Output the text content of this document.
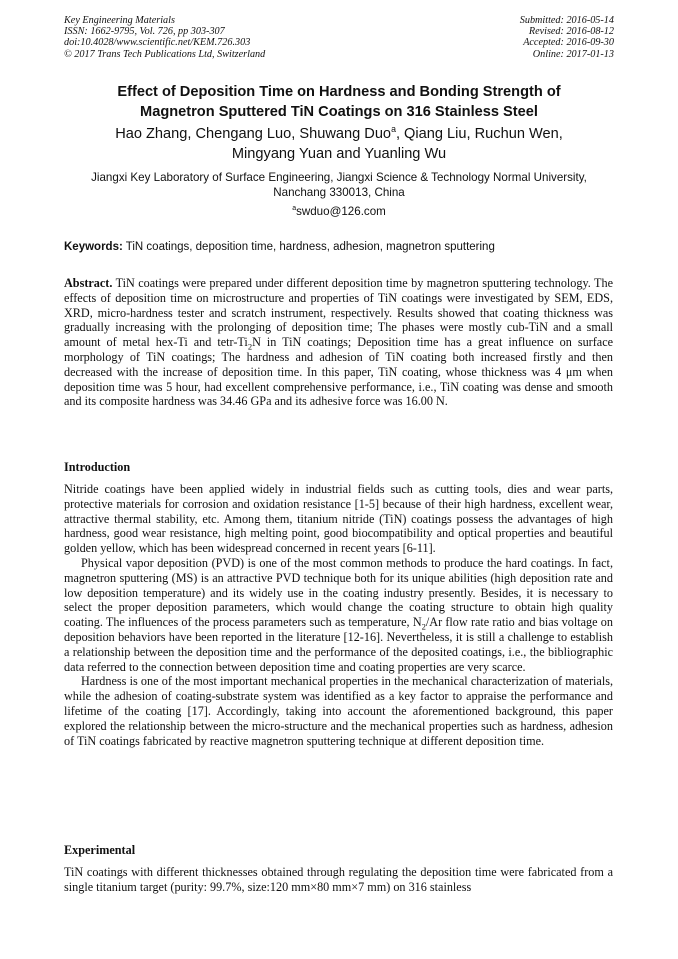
Key Engineering Materials
ISSN: 1662-9795, Vol. 726, pp 303-307
doi:10.4028/www.scientific.net/KEM.726.303
© 2017 Trans Tech Publications Ltd, Switzerland
Submitted: 2016-05-14
Revised: 2016-08-12
Accepted: 2016-09-30
Online: 2017-01-13
Effect of Deposition Time on Hardness and Bonding Strength of
Magnetron Sputtered TiN Coatings on 316 Stainless Steel
Hao Zhang, Chengang Luo, Shuwang Duo$^a$, Qiang Liu, Ruchun Wen,
Mingyang Yuan and Yuanling Wu
Jiangxi Key Laboratory of Surface Engineering, Jiangxi Science & Technology Normal University,
Nanchang 330013, China
$^a$swduo@126.com
Keywords: TiN coatings, deposition time, hardness, adhesion, magnetron sputtering

Abstract. TiN coatings were prepared under different deposition time by magnetron sputtering technology. The effects of deposition time on microstructure and properties of TiN coatings were investigated by SEM, EDS, XRD, micro-hardness tester and scratch instrument, respectively. Results showed that coating thickness was gradually increasing with the prolonging of deposition time; The phases were mostly cub-TiN and a small amount of metal hex-Ti and tetr-$Ti_2N$ in TiN coatings; Deposition time has a great influence on surface morphology of TiN coatings; The hardness and adhesion of TiN coating both increased firstly and then decreased with the increase of deposition time. In this paper, TiN coating, whose thickness was 4 μm when deposition time was 5 hour, had excellent comprehensive performance, i.e., TiN coating was dense and smooth and its composite hardness was 34.46 GPa and its adhesive force was 16.00 N.

Introduction

Nitride coatings have been applied widely in industrial fields such as cutting tools, dies and wear parts, protective materials for corrosion and oxidation resistance [1-5] because of their high hardness, excellent wear, attractive thermal stability, etc. Among them, titanium nitride (TiN) coatings possess the advantages of high hardness, good wear resistance, high melting point, good biocompatibility and optical properties and beautiful golden yellow, which has been widespread concerned in recent years [6-11].

Physical vapor deposition (PVD) is one of the most common methods to produce the hard coatings. In fact, magnetron sputtering (MS) is an attractive PVD technique both for its unique abilities (high deposition rate and low deposition temperature) and its widely use in the coating industry presently. Besides, it is necessary to select the proper deposition parameters, which would change the coating structure to obtain high quality coating. The influences of the process parameters such as temperature, $N_2/Ar$ flow rate ratio and bias voltage on deposition behaviors have been reported in the literature [12-16]. Nevertheless, it is still a challenge to establish a relationship between the deposition time and the performance of the deposited coatings, i.e., the bibliographic data referred to the connection between deposition time and coating properties are very scarce.

Hardness is one of the most important mechanical properties in the mechanical characterization of materials, while the adhesion of coating-substrate system was identified as a key factor to appraise the performance and lifetime of the coating [17]. Accordingly, taking into account the aforementioned background, this paper explored the relationship between the micro-structure and the mechanical properties such as hardness, adhesion of TiN coatings fabricated by reactive magnetron sputtering technique at different deposition time.

Experimental

TiN coatings with different thicknesses obtained through regulating the deposition time were fabricated from a single titanium target (purity: 99.7%, size:120 mm×80 mm×7 mm) on 316 stainless
